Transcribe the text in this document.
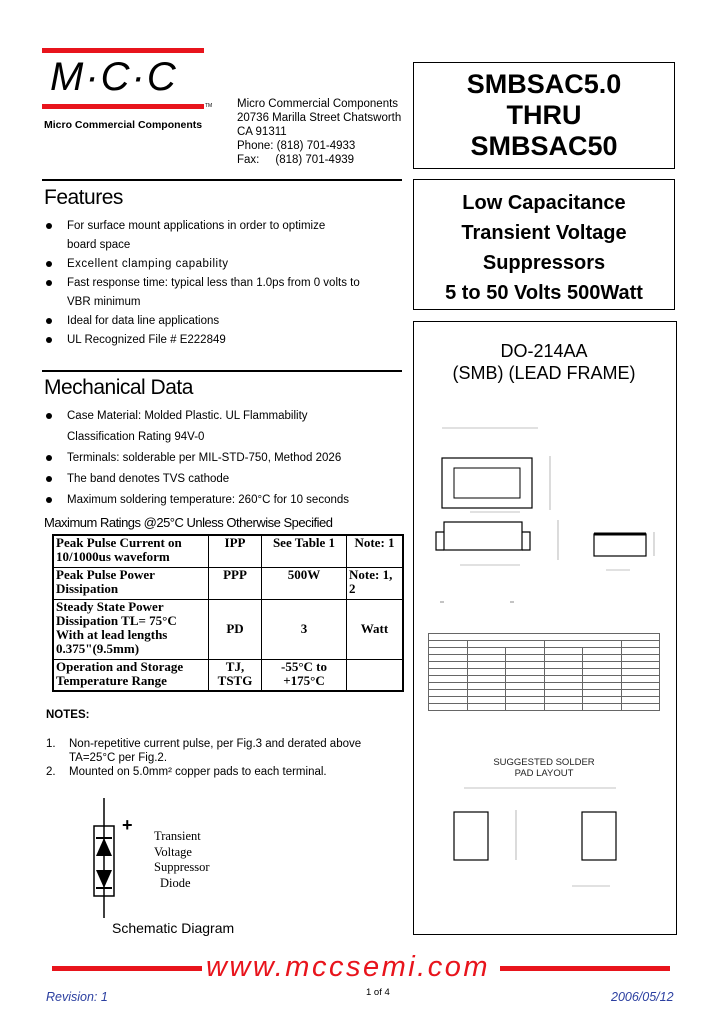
M·C·C
TM
Micro Commercial Components
Micro Commercial Components
20736 Marilla Street Chatsworth
CA 91311
Phone: (818) 701-4933
Fax: (818) 701-4939
SMBSAC5.0
THRU
SMBSAC50
Low Capacitance
Transient Voltage
Suppressors
5 to 50 Volts 500Watt
Features
For surface mount applications in order to optimize
board space
Excellent clamping capability
Fast response time: typical less than 1.0ps from 0 volts to
VBR minimum
Ideal for data line applications
UL Recognized File # E222849
Mechanical Data
Case Material: Molded Plastic. UL Flammability
Classification Rating 94V-0
Terminals: solderable per MIL-STD-750, Method 2026
The band denotes TVS cathode
Maximum soldering temperature: 260°C for 10 seconds
Maximum Ratings @25°C Unless Otherwise Specified
Peak Pulse Current on 10/1000us waveform	IPP	See Table 1	Note: 1
Peak Pulse Power Dissipation	PPP	500W	Note: 1, 2
Steady State Power Dissipation TL= 75°C With at lead lengths 0.375"(9.5mm)	PD	3	Watt
Operation and Storage Temperature Range	TJ, TSTG	-55°C to +175°C	
NOTES:
1.	Non-repetitive current pulse, per Fig.3 and derated above
TA=25°C per Fig.2.
2.	Mounted on 5.0mm² copper pads to each terminal.
+
Transient
Voltage
Suppressor
Diode
Schematic Diagram
DO-214AA
(SMB) (LEAD FRAME)

SUGGESTED SOLDER
PAD LAYOUT
www.mccsemi.com
Revision: 1	1 of 4	2006/05/12
